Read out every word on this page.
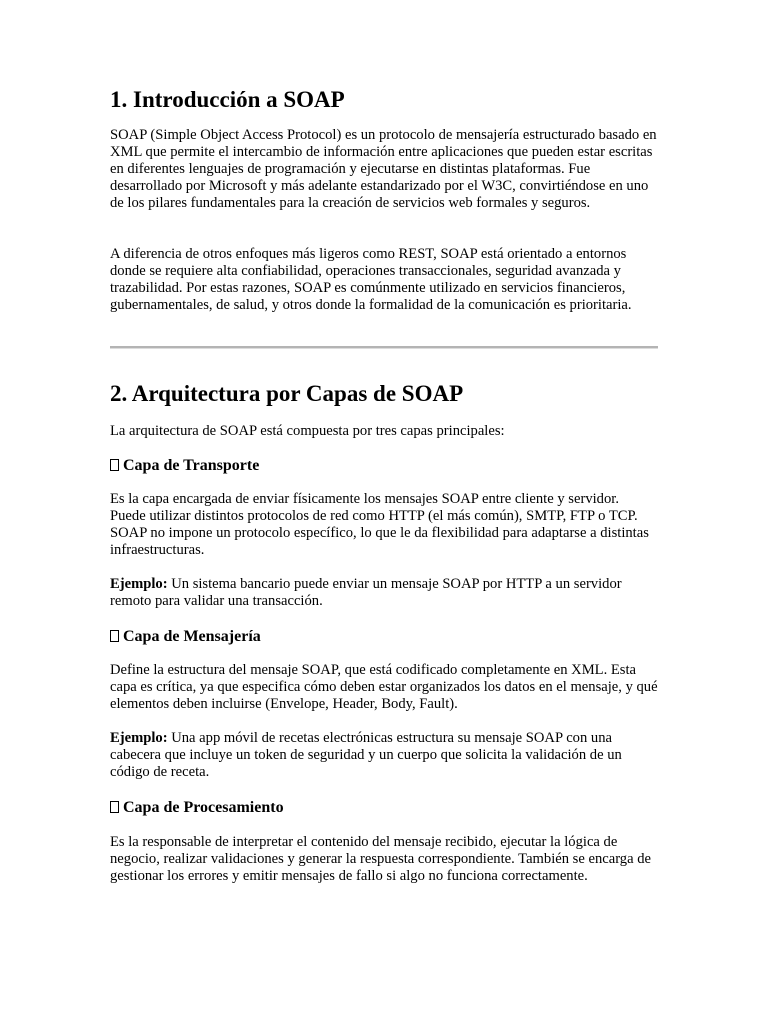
1. Introducción a SOAP

SOAP (Simple Object Access Protocol) es un protocolo de mensajería estructurado basado en XML que permite el intercambio de información entre aplicaciones que pueden estar escritas en diferentes lenguajes de programación y ejecutarse en distintas plataformas. Fue desarrollado por Microsoft y más adelante estandarizado por el W3C, convirtiéndose en uno de los pilares fundamentales para la creación de servicios web formales y seguros.

A diferencia de otros enfoques más ligeros como REST, SOAP está orientado a entornos donde se requiere alta confiabilidad, operaciones transaccionales, seguridad avanzada y trazabilidad. Por estas razones, SOAP es comúnmente utilizado en servicios financieros, gubernamentales, de salud, y otros donde la formalidad de la comunicación es prioritaria.

2. Arquitectura por Capas de SOAP

La arquitectura de SOAP está compuesta por tres capas principales:

Capa de Transporte

Es la capa encargada de enviar físicamente los mensajes SOAP entre cliente y servidor. Puede utilizar distintos protocolos de red como HTTP (el más común), SMTP, FTP o TCP. SOAP no impone un protocolo específico, lo que le da flexibilidad para adaptarse a distintas infraestructuras.

Ejemplo: Un sistema bancario puede enviar un mensaje SOAP por HTTP a un servidor remoto para validar una transacción.

Capa de Mensajería

Define la estructura del mensaje SOAP, que está codificado completamente en XML. Esta capa es crítica, ya que especifica cómo deben estar organizados los datos en el mensaje, y qué elementos deben incluirse (Envelope, Header, Body, Fault).

Ejemplo: Una app móvil de recetas electrónicas estructura su mensaje SOAP con una cabecera que incluye un token de seguridad y un cuerpo que solicita la validación de un código de receta.

Capa de Procesamiento

Es la responsable de interpretar el contenido del mensaje recibido, ejecutar la lógica de negocio, realizar validaciones y generar la respuesta correspondiente. También se encarga de gestionar los errores y emitir mensajes de fallo si algo no funciona correctamente.
